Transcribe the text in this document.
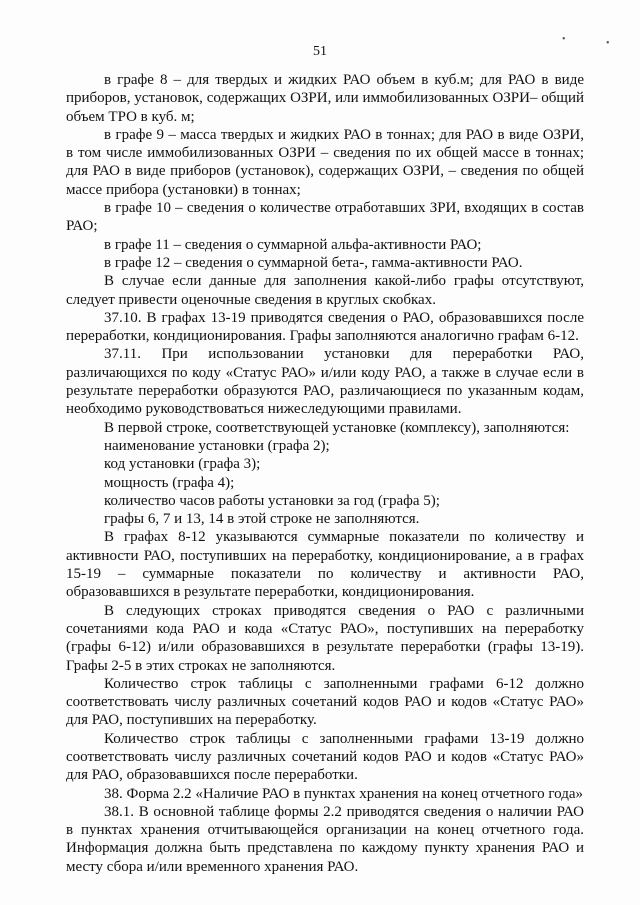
•	•
51

в графе 8 – для твердых и жидких РАО объем в куб.м; для РАО в виде приборов, установок, содержащих ОЗРИ, или иммобилизованных ОЗРИ– общий объем ТРО в куб. м;

в графе 9 – масса твердых и жидких РАО в тоннах; для РАО в виде ОЗРИ, в том числе иммобилизованных ОЗРИ – сведения по их общей массе в тоннах; для РАО в виде приборов (установок), содержащих ОЗРИ, – сведения по общей массе прибора (установки) в тоннах;

в графе 10 – сведения о количестве отработавших ЗРИ, входящих в состав РАО;

в графе 11 – сведения о суммарной альфа-активности РАО;

в графе 12 – сведения о суммарной бета-, гамма-активности РАО.

В случае если данные для заполнения какой-либо графы отсутствуют, следует привести оценочные сведения в круглых скобках.

37.10. В графах 13-19 приводятся сведения о РАО, образовавшихся после переработки, кондиционирования. Графы заполняются аналогично графам 6-12.

37.11. При использовании установки для переработки РАО, различающихся по коду «Статус РАО» и/или коду РАО, а также в случае если в результате переработки образуются РАО, различающиеся по указанным кодам, необходимо руководствоваться нижеследующими правилами.

В первой строке, соответствующей установке (комплексу), заполняются:

наименование установки (графа 2);

код установки (графа 3);

мощность (графа 4);

количество часов работы установки за год (графа 5);

графы 6, 7 и 13, 14 в этой строке не заполняются.

В графах 8-12 указываются суммарные показатели по количеству и активности РАО, поступивших на переработку, кондиционирование, а в графах 15-19 – суммарные показатели по количеству и активности РАО, образовавшихся в результате переработки, кондиционирования.

В следующих строках приводятся сведения о РАО с различными сочетаниями кода РАО и кода «Статус РАО», поступивших на переработку (графы 6-12) и/или образовавшихся в результате переработки (графы 13-19). Графы 2-5 в этих строках не заполняются.

Количество строк таблицы с заполненными графами 6-12 должно соответствовать числу различных сочетаний кодов РАО и кодов «Статус РАО» для РАО, поступивших на переработку.

Количество строк таблицы с заполненными графами 13-19 должно соответствовать числу различных сочетаний кодов РАО и кодов «Статус РАО» для РАО, образовавшихся после переработки.

38. Форма 2.2 «Наличие РАО в пунктах хранения на конец отчетного года»

38.1. В основной таблице формы 2.2 приводятся сведения о наличии РАО в пунктах хранения отчитывающейся организации на конец отчетного года. Информация должна быть представлена по каждому пункту хранения РАО и месту сбора и/или временного хранения РАО.
